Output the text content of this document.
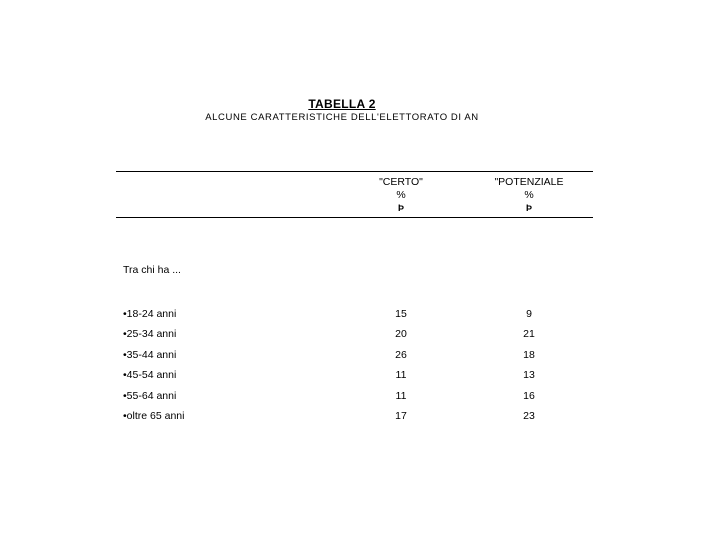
TABELLA 2
ALCUNE CARATTERISTICHE DELL'ELETTORATO DI AN
"CERTO"
%
Þ
"POTENZIALE
%
Þ
Tra chi ha ...
•18-24 anni	15	9
•25-34 anni	20	21
•35-44 anni	26	18
•45-54 anni	11	13
•55-64 anni	11	16
•oltre 65 anni	17	23
